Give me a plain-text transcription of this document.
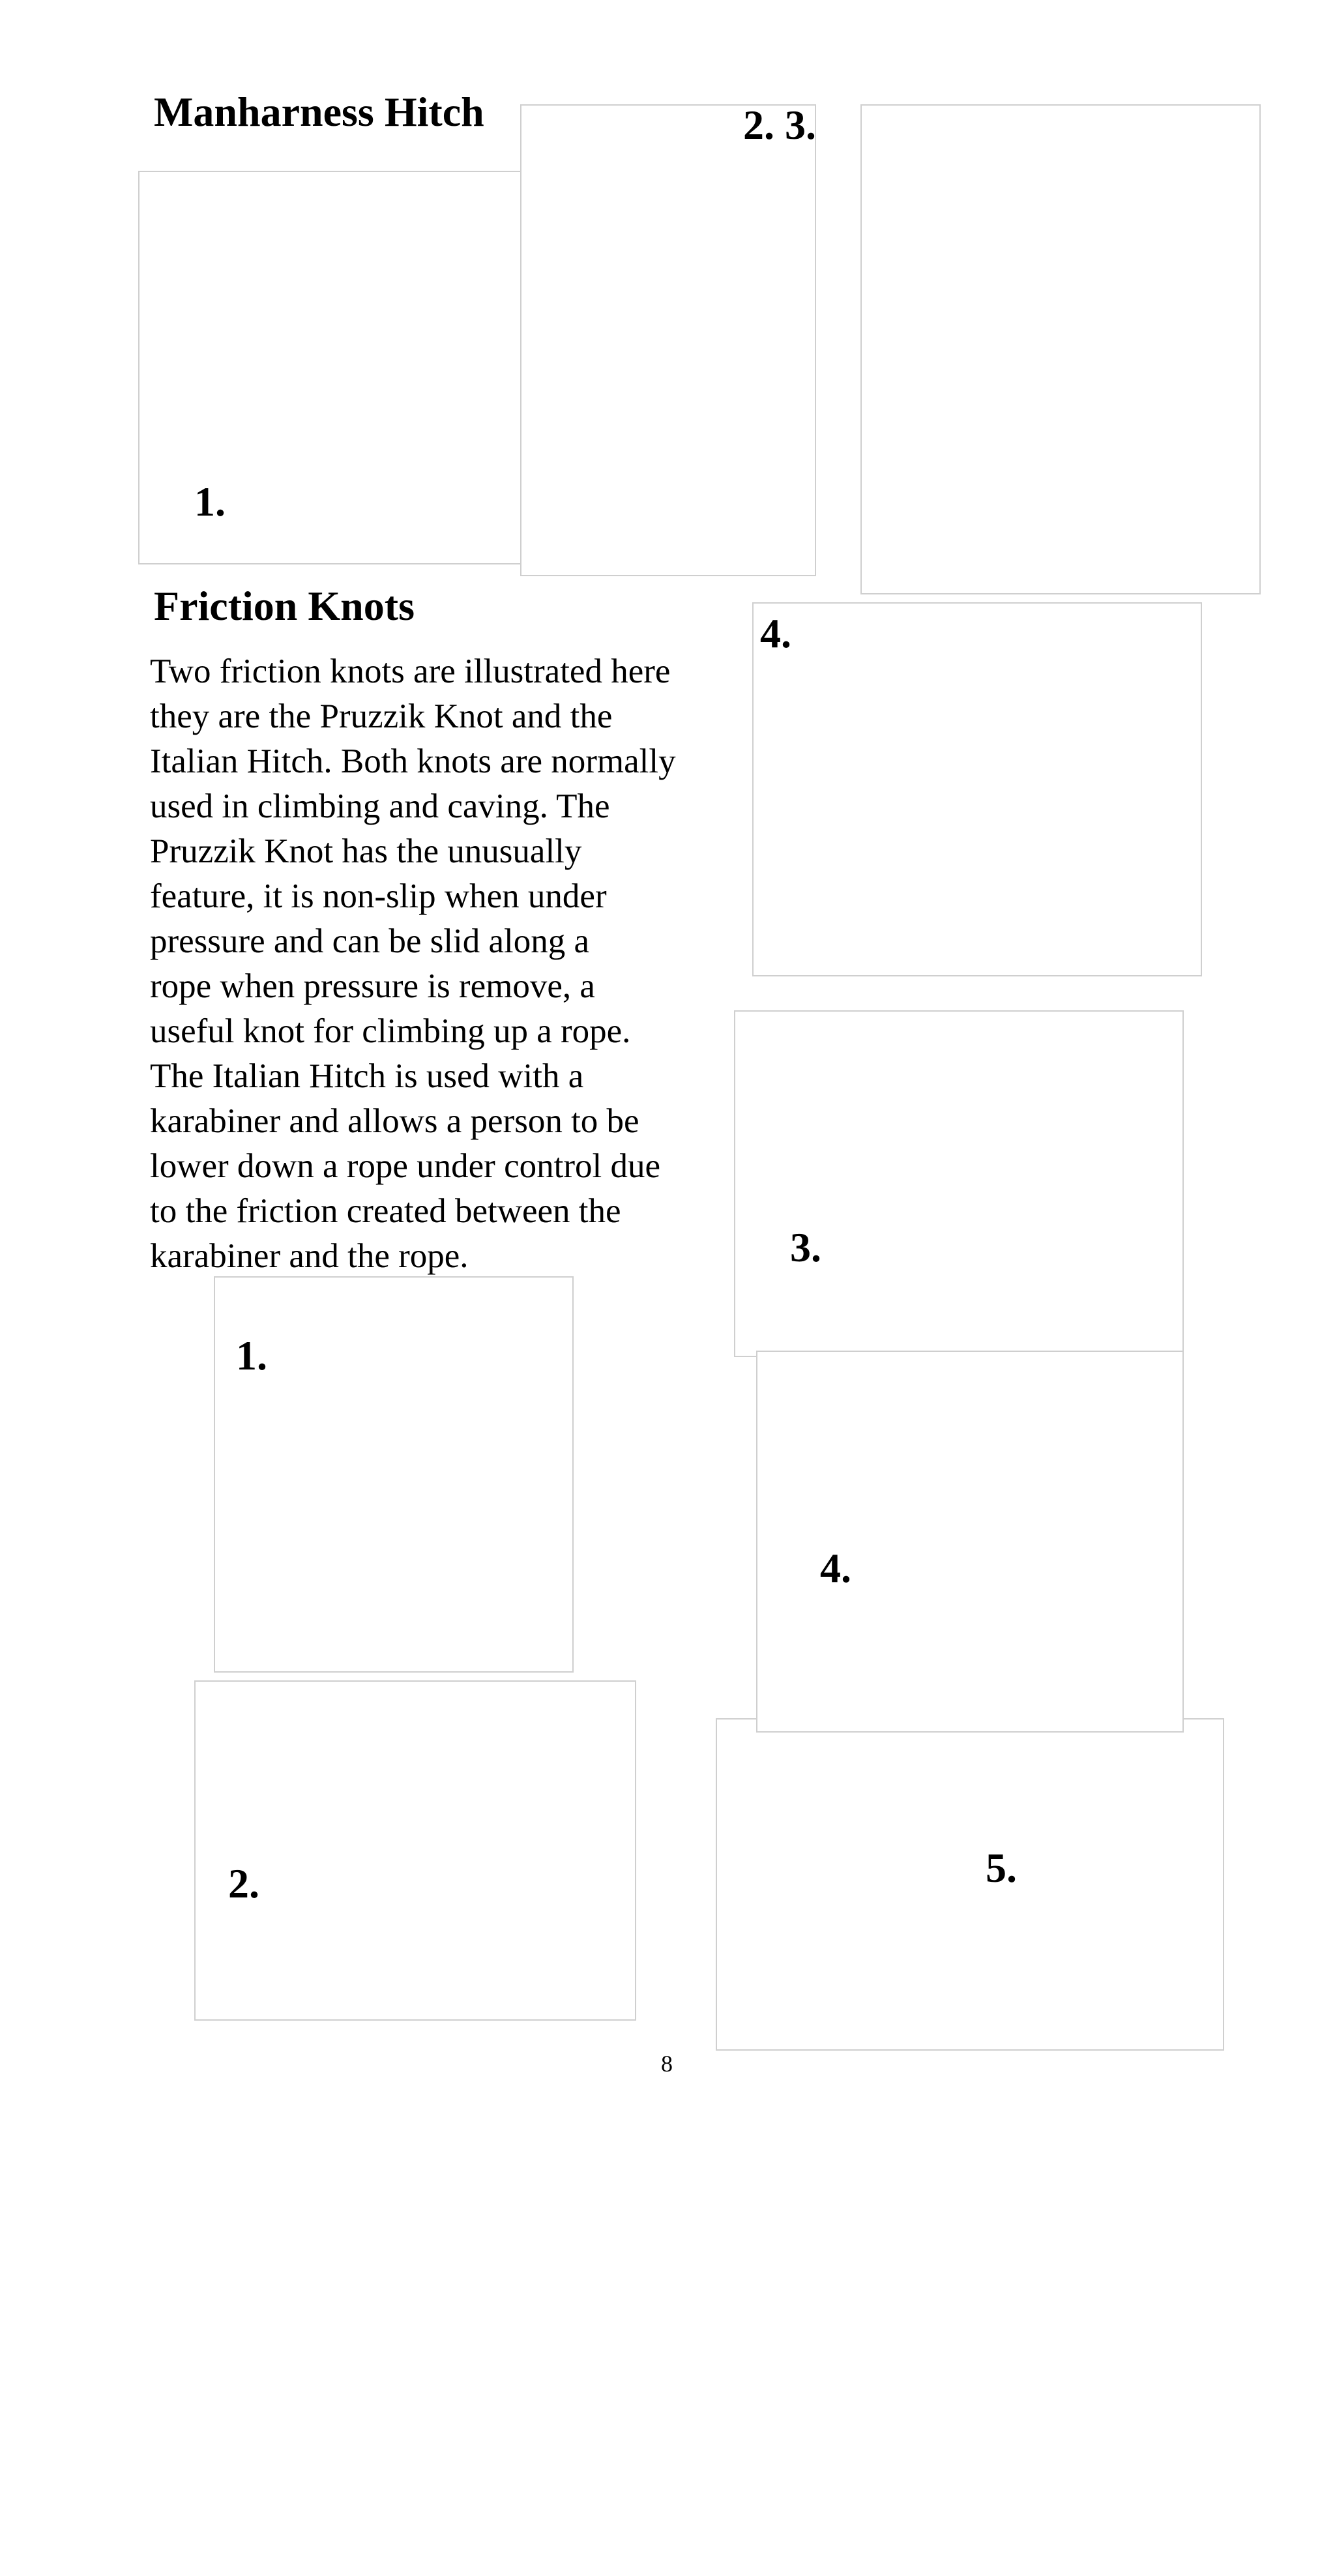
Manharness Hitch
1.
2. 3.
Friction Knots
Two friction knots are illustrated here
they are the Pruzzik Knot and the
Italian Hitch. Both knots are normally
used in climbing and caving. The
Pruzzik Knot has the unusually
feature, it is non-slip when under
pressure and can be slid along a
rope when pressure is remove, a
useful knot for climbing up a rope.
The Italian Hitch is used with a
karabiner and allows a person to be
lower down a rope under control due
to the friction created between the
karabiner and the rope.
4.
3.
4.
5.
1.
2.
8
